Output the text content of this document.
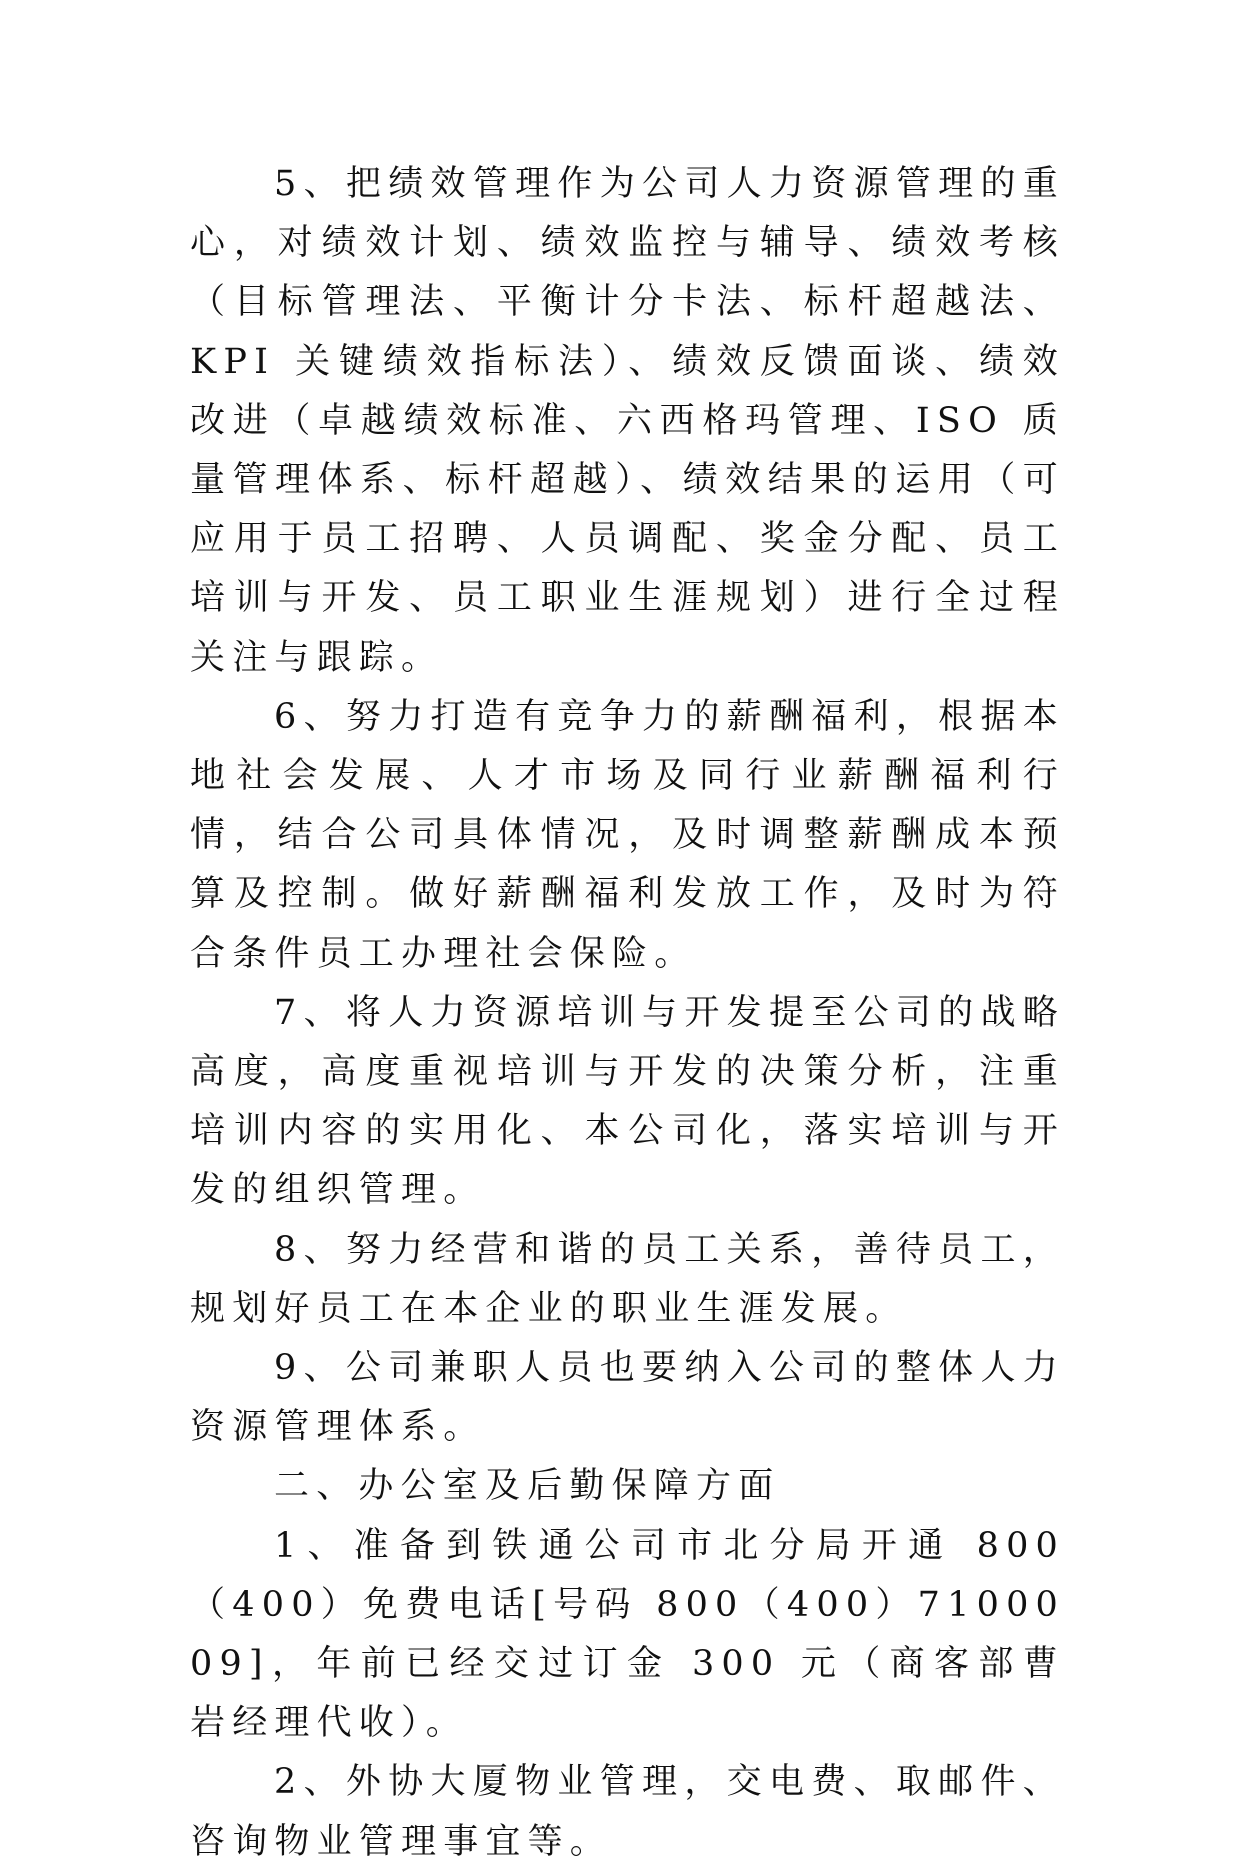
5、把绩效管理作为公司人力资源管理的重心，对绩效计划、绩效监控与辅导、绩效考核（目标管理法、平衡计分卡法、标杆超越法、KPI 关键绩效指标法）、绩效反馈面谈、绩效改进（卓越绩效标准、六西格玛管理、ISO 质量管理体系、标杆超越）、绩效结果的运用（可应用于员工招聘、人员调配、奖金分配、员工培训与开发、员工职业生涯规划）进行全过程关注与跟踪。

6、努力打造有竞争力的薪酬福利，根据本地社会发展、人才市场及同行业薪酬福利行情，结合公司具体情况，及时调整薪酬成本预算及控制。做好薪酬福利发放工作，及时为符合条件员工办理社会保险。

7、将人力资源培训与开发提至公司的战略高度，高度重视培训与开发的决策分析，注重培训内容的实用化、本公司化，落实培训与开发的组织管理。

8、努力经营和谐的员工关系，善待员工，规划好员工在本企业的职业生涯发展。

9、公司兼职人员也要纳入公司的整体人力资源管理体系。

二、办公室及后勤保障方面

1、准备到铁通公司市北分局开通 800（400）免费电话[号码 800（400）7100009]，年前已经交过订金 300 元（商客部曹岩经理代收）。

2、外协大厦物业管理，交电费、取邮件、咨询物业管理事宜等。
